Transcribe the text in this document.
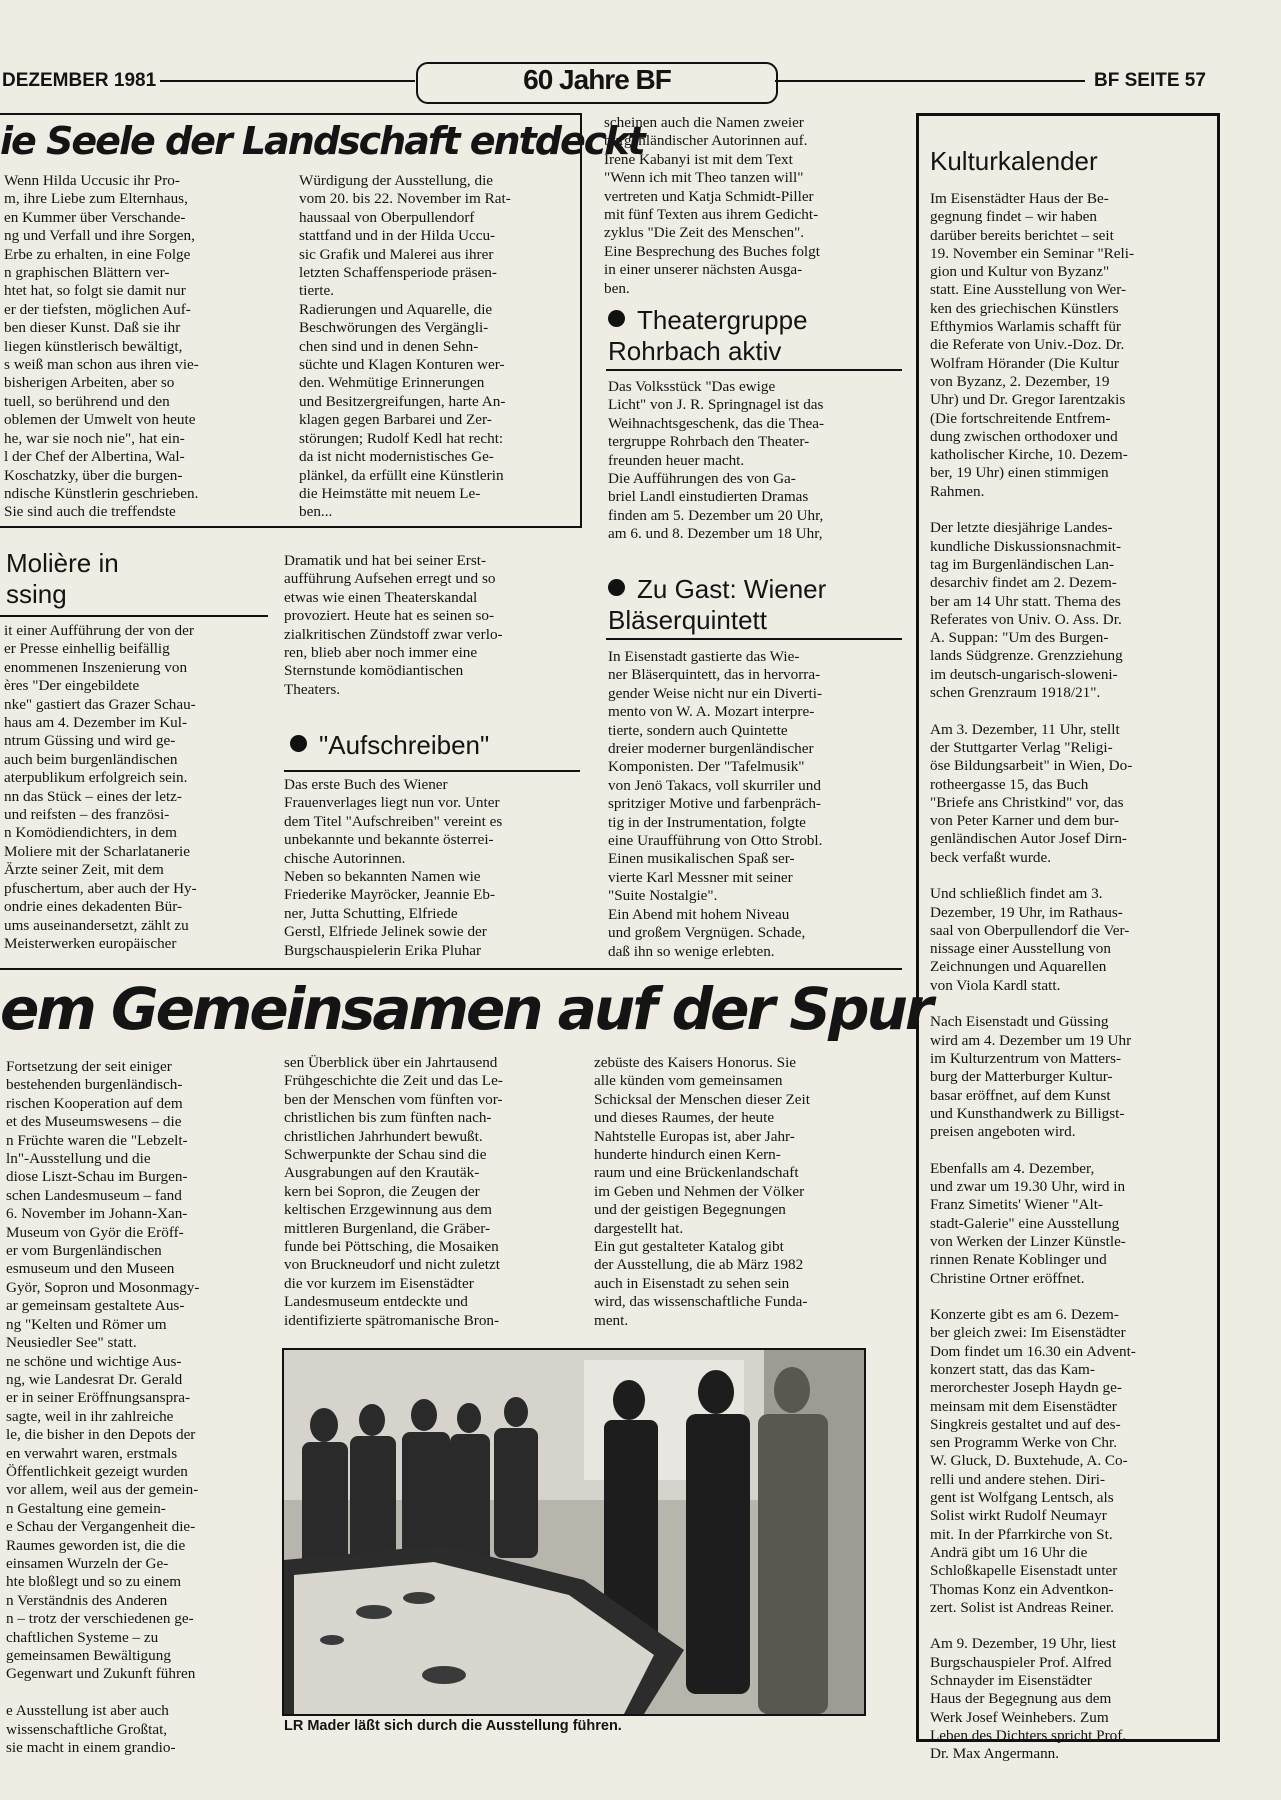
DEZEMBER 1981	60 Jahre BF	BF SEITE 57
ie Seele der Landschaft entdeckt
Wenn Hilda Uccusic ihr Pro-
m, ihre Liebe zum Elternhaus,
en Kummer über Verschande-
ng und Verfall und ihre Sorgen,
Erbe zu erhalten, in eine Folge
n graphischen Blättern ver-
htet hat, so folgt sie damit nur
er der tiefsten, möglichen Auf-
ben dieser Kunst. Daß sie ihr
liegen künstlerisch bewältigt,
s weiß man schon aus ihren vie-
bisherigen Arbeiten, aber so
tuell, so berührend und den
oblemen der Umwelt von heute
he, war sie noch nie", hat ein-
l der Chef der Albertina, Wal-
Koschatzky, über die burgen-
ndische Künstlerin geschrieben.
Sie sind auch die treffendste
Würdigung der Ausstellung, die
vom 20. bis 22. November im Rat-
haussaal von Oberpullendorf
stattfand und in der Hilda Uccu-
sic Grafik und Malerei aus ihrer
letzten Schaffensperiode präsen-
tierte.
Radierungen und Aquarelle, die
Beschwörungen des Vergängli-
chen sind und in denen Sehn-
süchte und Klagen Konturen wer-
den. Wehmütige Erinnerungen
und Besitzergreifungen, harte An-
klagen gegen Barbarei und Zer-
störungen; Rudolf Kedl hat recht:
da ist nicht modernistisches Ge-
plänkel, da erfüllt eine Künstlerin
die Heimstätte mit neuem Le-
ben...
scheinen auch die Namen zweier
burgenländischer Autorinnen auf.
Irene Kabanyi ist mit dem Text
"Wenn ich mit Theo tanzen will"
vertreten und Katja Schmidt-Piller
mit fünf Texten aus ihrem Gedicht-
zyklus "Die Zeit des Menschen".
Eine Besprechung des Buches folgt
in einer unserer nächsten Ausga-
ben.
Theatergruppe
Rohrbach aktiv
Das Volksstück "Das ewige
Licht" von J. R. Springnagel ist das
Weihnachtsgeschenk, das die Thea-
tergruppe Rohrbach den Theater-
freunden heuer macht.
Die Aufführungen des von Ga-
briel Landl einstudierten Dramas
finden am 5. Dezember um 20 Uhr,
am 6. und 8. Dezember um 18 Uhr,
Molière in
ssing
it einer Aufführung der von der
er Presse einhellig beifällig
enommenen Inszenierung von
ères "Der eingebildete
nke" gastiert das Grazer Schau-
haus am 4. Dezember im Kul-
ntrum Güssing und wird ge-
auch beim burgenländischen
aterpublikum erfolgreich sein.
nn das Stück – eines der letz-
und reifsten – des französi-
n Komödiendichters, in dem
Moliere mit der Scharlatanerie
Ärzte seiner Zeit, mit dem
pfuschertum, aber auch der Hy-
ondrie eines dekadenten Bür-
ums auseinandersetzt, zählt zu
Meisterwerken europäischer
Dramatik und hat bei seiner Erst-
aufführung Aufsehen erregt und so
etwas wie einen Theaterskandal
provoziert. Heute hat es seinen so-
zialkritischen Zündstoff zwar verlo-
ren, blieb aber noch immer eine
Sternstunde komödiantischen
Theaters.
"Aufschreiben"
Das erste Buch des Wiener
Frauenverlages liegt nun vor. Unter
dem Titel "Aufschreiben" vereint es
unbekannte und bekannte österrei-
chische Autorinnen.
Neben so bekannten Namen wie
Friederike Mayröcker, Jeannie Eb-
ner, Jutta Schutting, Elfriede
Gerstl, Elfriede Jelinek sowie der
Burgschauspielerin Erika Pluhar
Zu Gast: Wiener
Bläserquintett
In Eisenstadt gastierte das Wie-
ner Bläserquintett, das in hervorra-
gender Weise nicht nur ein Diverti-
mento von W. A. Mozart interpre-
tierte, sondern auch Quintette
dreier moderner burgenländischer
Komponisten. Der "Tafelmusik"
von Jenö Takacs, voll skurriler und
spritziger Motive und farbenpräch-
tig in der Instrumentation, folgte
eine Uraufführung von Otto Strobl.
Einen musikalischen Spaß ser-
vierte Karl Messner mit seiner
"Suite Nostalgie".
Ein Abend mit hohem Niveau
und großem Vergnügen. Schade,
daß ihn so wenige erlebten.
Kulturkalender
Im Eisenstädter Haus der Be-
gegnung findet – wir haben
darüber bereits berichtet – seit
19. November ein Seminar "Reli-
gion und Kultur von Byzanz"
statt. Eine Ausstellung von Wer-
ken des griechischen Künstlers
Efthymios Warlamis schafft für
die Referate von Univ.-Doz. Dr.
Wolfram Hörander (Die Kultur
von Byzanz, 2. Dezember, 19
Uhr) und Dr. Gregor Iarentzakis
(Die fortschreitende Entfrem-
dung zwischen orthodoxer und
katholischer Kirche, 10. Dezem-
ber, 19 Uhr) einen stimmigen
Rahmen.

Der letzte diesjährige Landes-
kundliche Diskussionsnachmit-
tag im Burgenländischen Lan-
desarchiv findet am 2. Dezem-
ber am 14 Uhr statt. Thema des
Referates von Univ. O. Ass. Dr.
A. Suppan: "Um des Burgen-
lands Südgrenze. Grenzziehung
im deutsch-ungarisch-sloweni-
schen Grenzraum 1918/21".

Am 3. Dezember, 11 Uhr, stellt
der Stuttgarter Verlag "Religi-
öse Bildungsarbeit" in Wien, Do-
rotheergasse 15, das Buch
"Briefe ans Christkind" vor, das
von Peter Karner und dem bur-
genländischen Autor Josef Dirn-
beck verfaßt wurde.

Und schließlich findet am 3.
Dezember, 19 Uhr, im Rathaus-
saal von Oberpullendorf die Ver-
nissage einer Ausstellung von
Zeichnungen und Aquarellen
von Viola Kardl statt.

Nach Eisenstadt und Güssing
wird am 4. Dezember um 19 Uhr
im Kulturzentrum von Matters-
burg der Matterburger Kultur-
basar eröffnet, auf dem Kunst
und Kunsthandwerk zu Billigst-
preisen angeboten wird.

Ebenfalls am 4. Dezember,
und zwar um 19.30 Uhr, wird in
Franz Simetits' Wiener "Alt-
stadt-Galerie" eine Ausstellung
von Werken der Linzer Künstle-
rinnen Renate Koblinger und
Christine Ortner eröffnet.

Konzerte gibt es am 6. Dezem-
ber gleich zwei: Im Eisenstädter
Dom findet um 16.30 ein Advent-
konzert statt, das das Kam-
merorchester Joseph Haydn ge-
meinsam mit dem Eisenstädter
Singkreis gestaltet und auf des-
sen Programm Werke von Chr.
W. Gluck, D. Buxtehude, A. Co-
relli und andere stehen. Diri-
gent ist Wolfgang Lentsch, als
Solist wirkt Rudolf Neumayr
mit. In der Pfarrkirche von St.
Andrä gibt um 16 Uhr die
Schloßkapelle Eisenstadt unter
Thomas Konz ein Adventkon-
zert. Solist ist Andreas Reiner.

Am 9. Dezember, 19 Uhr, liest
Burgschauspieler Prof. Alfred
Schnayder im Eisenstädter
Haus der Begegnung aus dem
Werk Josef Weinhebers. Zum
Leben des Dichters spricht Prof.
Dr. Max Angermann.
em Gemeinsamen auf der Spur
Fortsetzung der seit einiger
bestehenden burgenländisch-
rischen Kooperation auf dem
et des Museumswesens – die
n Früchte waren die "Lebzelt-
ln"-Ausstellung und die
diose Liszt-Schau im Burgen-
schen Landesmuseum – fand
6. November im Johann-Xan-
Museum von Györ die Eröff-
er vom Burgenländischen
esmuseum und den Museen
Györ, Sopron und Mosonmagy-
ar gemeinsam gestaltete Aus-
ng "Kelten und Römer um
Neusiedler See" statt.
ne schöne und wichtige Aus-
ng, wie Landesrat Dr. Gerald
er in seiner Eröffnungsanspra-
sagte, weil in ihr zahlreiche
le, die bisher in den Depots der
en verwahrt waren, erstmals
Öffentlichkeit gezeigt wurden
vor allem, weil aus der gemein-
n Gestaltung eine gemein-
e Schau der Vergangenheit die-
Raumes geworden ist, die die
einsamen Wurzeln der Ge-
hte bloßlegt und so zu einem
n Verständnis des Anderen
n – trotz der verschiedenen ge-
chaftlichen Systeme – zu
gemeinsamen Bewältigung
Gegenwart und Zukunft führen

e Ausstellung ist aber auch
wissenschaftliche Großtat,
sie macht in einem grandio-
sen Überblick über ein Jahrtausend
Frühgeschichte die Zeit und das Le-
ben der Menschen vom fünften vor-
christlichen bis zum fünften nach-
christlichen Jahrhundert bewußt.
Schwerpunkte der Schau sind die
Ausgrabungen auf den Krautäk-
kern bei Sopron, die Zeugen der
keltischen Erzgewinnung aus dem
mittleren Burgenland, die Gräber-
funde bei Pöttsching, die Mosaiken
von Bruckneudorf und nicht zuletzt
die vor kurzem im Eisenstädter
Landesmuseum entdeckte und
identifizierte spätromanische Bron-
zebüste des Kaisers Honorus. Sie
alle künden vom gemeinsamen
Schicksal der Menschen dieser Zeit
und dieses Raumes, der heute
Nahtstelle Europas ist, aber Jahr-
hunderte hindurch einen Kern-
raum und eine Brückenlandschaft
im Geben und Nehmen der Völker
und der geistigen Begegnungen
dargestellt hat.
Ein gut gestalteter Katalog gibt
der Ausstellung, die ab März 1982
auch in Eisenstadt zu sehen sein
wird, das wissenschaftliche Funda-
ment.
LR Mader läßt sich durch die Ausstellung führen.
